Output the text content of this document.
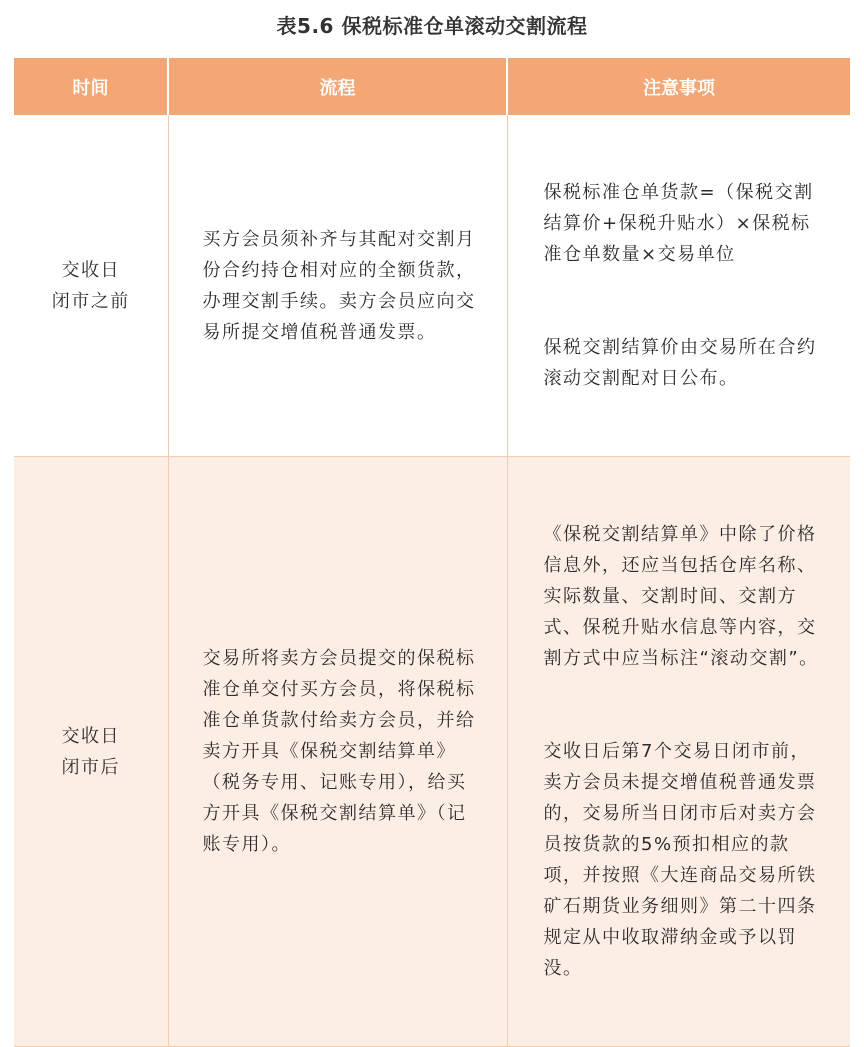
表5.6 保税标准仓单滚动交割流程
时间	流程	注意事项

交收日
闭市之前	买方会员须补齐与其配对交割月份合约持仓相对应的全额货款，办理交割手续。卖方会员应向交易所提交增值税普通发票。	保税标准仓单货款=（保税交割结算价+保税升贴水）×保税标准仓单数量×交易单位

保税交割结算价由交易所在合约滚动交割配对日公布。

交收日
闭市后	交易所将卖方会员提交的保税标准仓单交付买方会员，将保税标准仓单货款付给卖方会员，并给卖方开具《保税交割结算单》（税务专用、记账专用），给买方开具《保税交割结算单》（记账专用）。	《保税交割结算单》中除了价格信息外，还应当包括仓库名称、实际数量、交割时间、交割方式、保税升贴水信息等内容，交割方式中应当标注“滚动交割”。

交收日后第7个交易日闭市前，卖方会员未提交增值税普通发票的，交易所当日闭市后对卖方会员按货款的5%预扣相应的款项，并按照《大连商品交易所铁矿石期货业务细则》第二十四条规定从中收取滞纳金或予以罚没。
